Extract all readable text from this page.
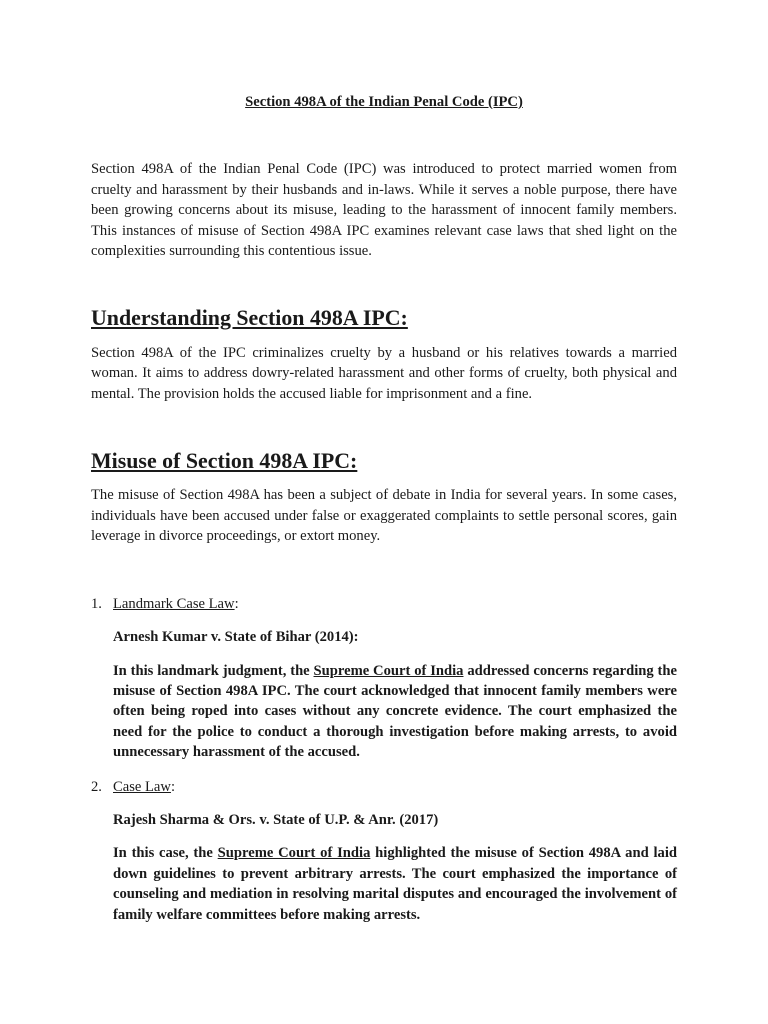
Section 498A of the Indian Penal Code (IPC)

Section 498A of the Indian Penal Code (IPC) was introduced to protect married women from cruelty and harassment by their husbands and in-laws. While it serves a noble purpose, there have been growing concerns about its misuse, leading to the harassment of innocent family members. This instances of misuse of Section 498A IPC examines relevant case laws that shed light on the complexities surrounding this contentious issue.

Understanding Section 498A IPC:

Section 498A of the IPC criminalizes cruelty by a husband or his relatives towards a married woman. It aims to address dowry-related harassment and other forms of cruelty, both physical and mental. The provision holds the accused liable for imprisonment and a fine.

Misuse of Section 498A IPC:

The misuse of Section 498A has been a subject of debate in India for several years. In some cases, individuals have been accused under false or exaggerated complaints to settle personal scores, gain leverage in divorce proceedings, or extort money.

1. Landmark Case Law:

Arnesh Kumar v. State of Bihar (2014):

In this landmark judgment, the Supreme Court of India addressed concerns regarding the misuse of Section 498A IPC. The court acknowledged that innocent family members were often being roped into cases without any concrete evidence. The court emphasized the need for the police to conduct a thorough investigation before making arrests, to avoid unnecessary harassment of the accused.

2. Case Law:

Rajesh Sharma & Ors. v. State of U.P. & Anr. (2017)

In this case, the Supreme Court of India highlighted the misuse of Section 498A and laid down guidelines to prevent arbitrary arrests. The court emphasized the importance of counseling and mediation in resolving marital disputes and encouraged the involvement of family welfare committees before making arrests.
